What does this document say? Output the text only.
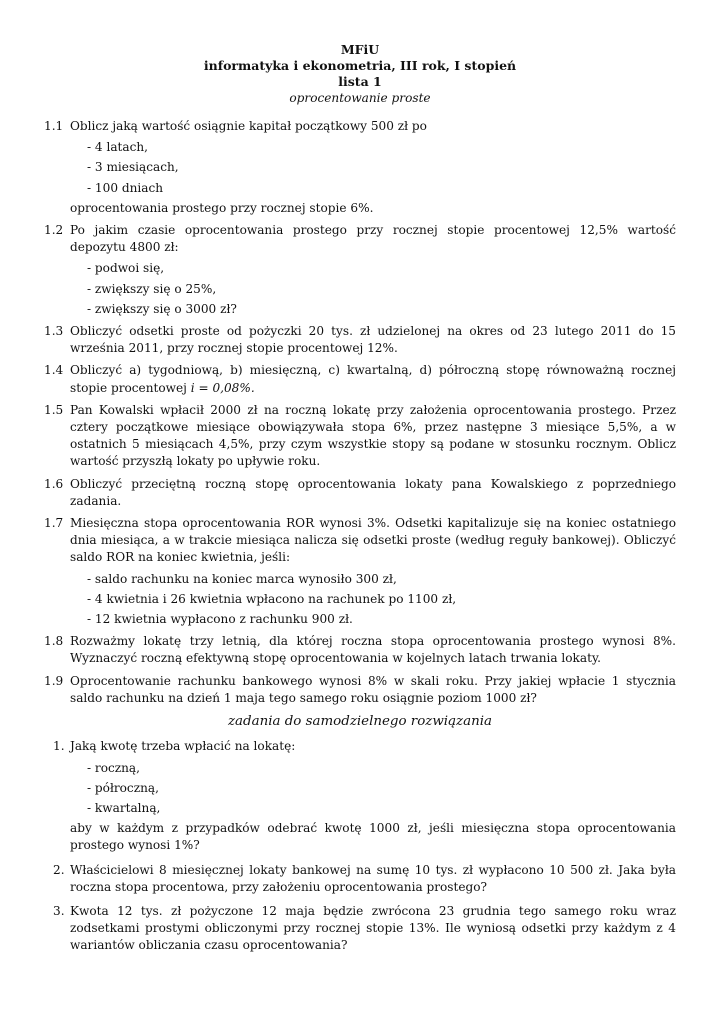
MFiU
informatyka i ekonometria, III rok, I stopień
lista 1
oprocentowanie proste
1.1 Oblicz jaką wartość osiągnie kapitał początkowy 500 zł po
- 4 latach,
- 3 miesiącach,
- 100 dniach
oprocentowania prostego przy rocznej stopie 6%.
1.2 Po jakim czasie oprocentowania prostego przy rocznej stopie procentowej 12,5% wartość depozytu 4800 zł:
- podwoi się,
- zwiększy się o 25%,
- zwiększy się o 3000 zł?
1.3 Obliczyć odsetki proste od pożyczki 20 tys. zł udzielonej na okres od 23 lutego 2011 do 15 września 2011, przy rocznej stopie procentowej 12%.
1.4 Obliczyć a) tygodniową, b) miesięczną, c) kwartalną, d) półroczną stopę równoważną rocznej stopie procentowej i = 0,08%.
1.5 Pan Kowalski wpłacił 2000 zł na roczną lokatę przy założenia oprocentowania prostego. Przez cztery początkowe miesiące obowiązywała stopa 6%, przez następne 3 miesiące 5,5%, a w ostatnich 5 miesiącach 4,5%, przy czym wszystkie stopy są podane w stosunku rocznym. Oblicz wartość przyszłą lokaty po upływie roku.
1.6 Obliczyć przeciętną roczną stopę oprocentowania lokaty pana Kowalskiego z poprzedniego zadania.
1.7 Miesięczna stopa oprocentowania ROR wynosi 3%. Odsetki kapitalizuje się na koniec ostatniego dnia miesiąca, a w trakcie miesiąca nalicza się odsetki proste (według reguły bankowej). Obliczyć saldo ROR na koniec kwietnia, jeśli:
- saldo rachunku na koniec marca wynosiło 300 zł,
- 4 kwietnia i 26 kwietnia wpłacono na rachunek po 1100 zł,
- 12 kwietnia wypłacono z rachunku 900 zł.
1.8 Rozważmy lokatę trzy letnią, dla której roczna stopa oprocentowania prostego wynosi 8%. Wyznaczyć roczną efektywną stopę oprocentowania w kojelnych latach trwania lokaty.
1.9 Oprocentowanie rachunku bankowego wynosi 8% w skali roku. Przy jakiej wpłacie 1 stycznia saldo rachunku na dzień 1 maja tego samego roku osiągnie poziom 1000 zł?
zadania do samodzielnego rozwiązania
1. Jaką kwotę trzeba wpłacić na lokatę:
- roczną,
- półroczną,
- kwartalną,
aby w każdym z przypadków odebrać kwotę 1000 zł, jeśli miesięczna stopa oprocentowania prostego wynosi 1%?
2. Właścicielowi 8 miesięcznej lokaty bankowej na sumę 10 tys. zł wypłacono 10 500 zł. Jaka była roczna stopa procentowa, przy założeniu oprocentowania prostego?
3. Kwota 12 tys. zł pożyczone 12 maja będzie zwrócona 23 grudnia tego samego roku wraz zodsetkami prostymi obliczonymi przy rocznej stopie 13%. Ile wyniosą odsetki przy każdym z 4 wariantów obliczania czasu oprocentowania?
